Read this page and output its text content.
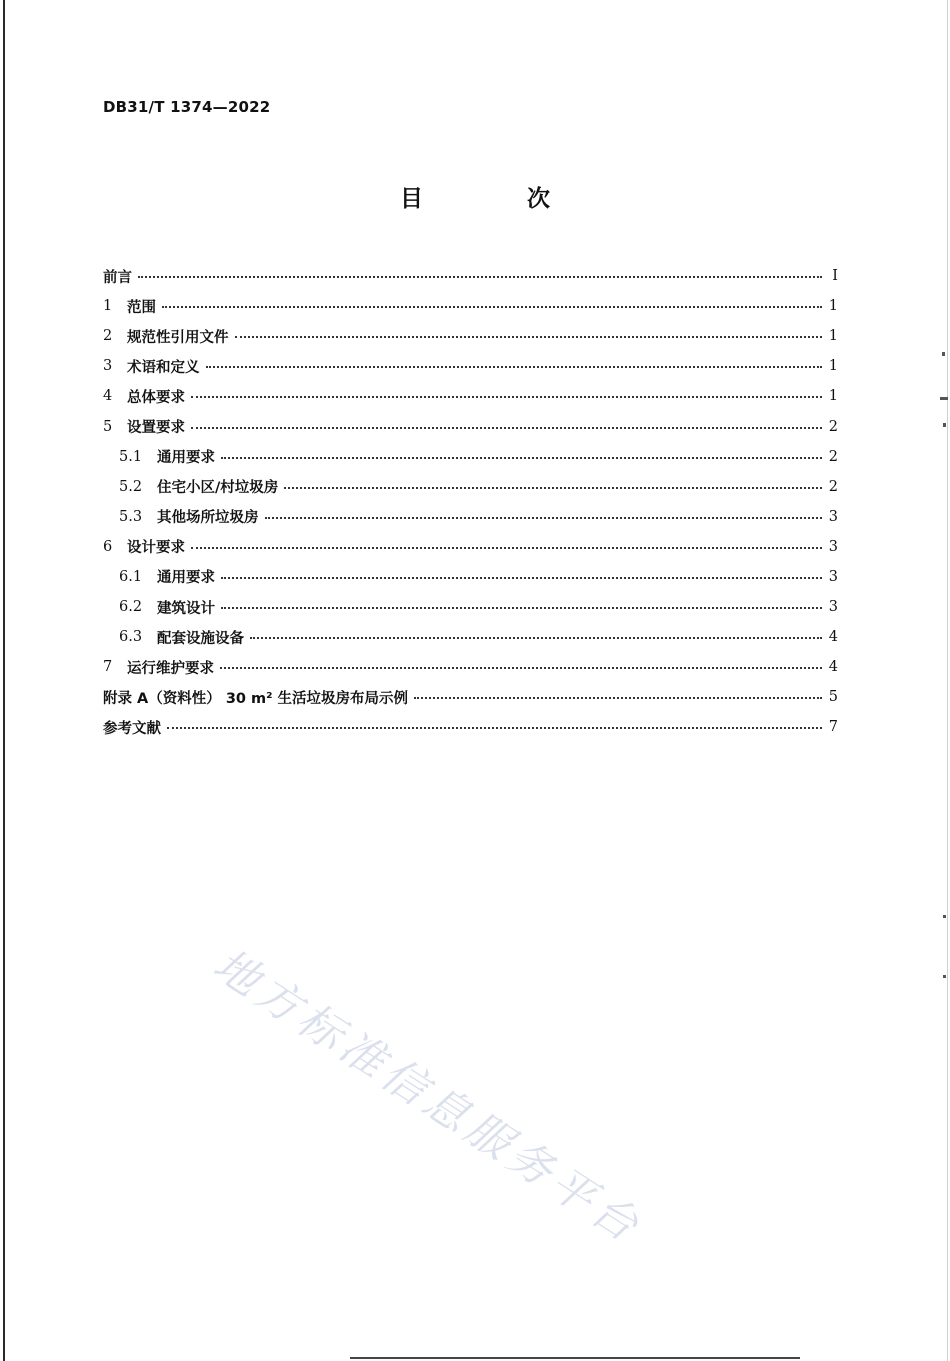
DB31/T 1374—2022
目 次
前言	I
1	范围	1
2	规范性引用文件	1
3	术语和定义	1
4	总体要求	1
5	设置要求	2
5.1	通用要求	2
5.2	住宅小区/村垃圾房	2
5.3	其他场所垃圾房	3
6	设计要求	3
6.1	通用要求	3
6.2	建筑设计	3
6.3	配套设施设备	4
7	运行维护要求	4
附录 A（资料性） 30 m² 生活垃圾房布局示例	5
参考文献	7
地方标准信息服务平台
